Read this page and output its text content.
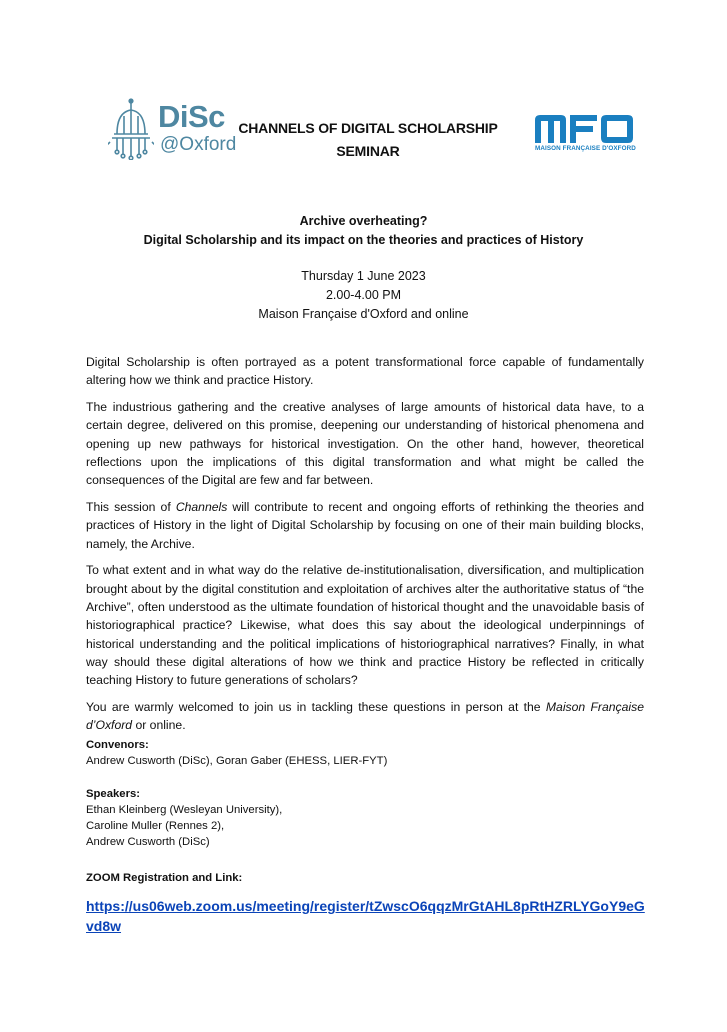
DiSc
@Oxford
CHANNELS OF DIGITAL SCHOLARSHIP
SEMINAR	MAISON FRANÇAISE D'OXFORD
Archive overheating?
Digital Scholarship and its impact on the theories and practices of History
Thursday 1 June 2023
2.00-4.00 PM
Maison Française d'Oxford and online

Digital Scholarship is often portrayed as a potent transformational force capable of fundamentally altering how we think and practice History.

The industrious gathering and the creative analyses of large amounts of historical data have, to a certain degree, delivered on this promise, deepening our understanding of historical phenomena and opening up new pathways for historical investigation. On the other hand, however, theoretical reflections upon the implications of this digital transformation and what might be called the consequences of the Digital are few and far between.

This session of Channels will contribute to recent and ongoing efforts of rethinking the theories and practices of History in the light of Digital Scholarship by focusing on one of their main building blocks, namely, the Archive.

To what extent and in what way do the relative de-institutionalisation, diversification, and multiplication brought about by the digital constitution and exploitation of archives alter the authoritative status of “the Archive”, often understood as the ultimate foundation of historical thought and the unavoidable basis of historiographical practice? Likewise, what does this say about the ideological underpinnings of historical understanding and the political implications of historiographical narratives? Finally, in what way should these digital alterations of how we think and practice History be reflected in critically teaching History to future generations of scholars?

You are warmly welcomed to join us in tackling these questions in person at the Maison Française d’Oxford or online.

Convenors:
Andrew Cusworth (DiSc), Goran Gaber (EHESS, LIER-FYT)
Speakers:
Ethan Kleinberg (Wesleyan University),
Caroline Muller (Rennes 2),
Andrew Cusworth (DiSc)
ZOOM Registration and Link:
https://us06web.zoom.us/meeting/register/tZwscO6qqzMrGtAHL8pRtHZRLYGoY9eGvd8w
